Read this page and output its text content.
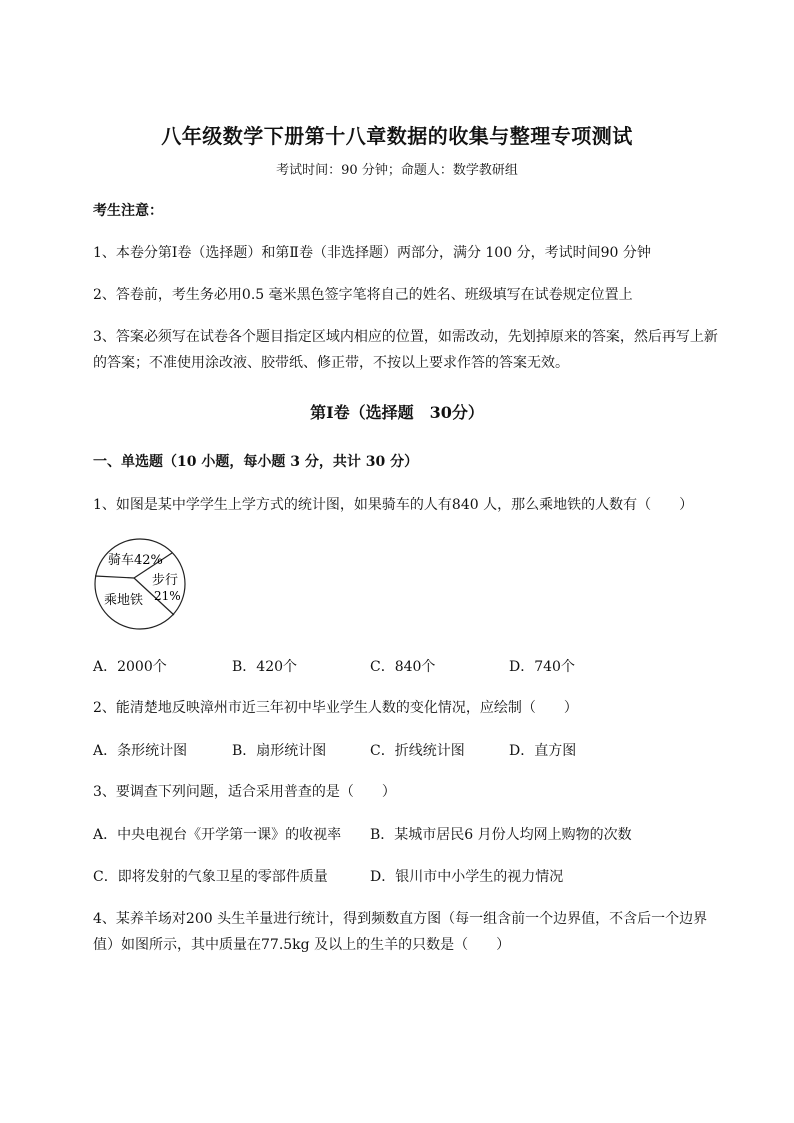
八年级数学下册第十八章数据的收集与整理专项测试
考试时间：90 分钟；命题人：数学教研组
考生注意：
1、本卷分第Ⅰ卷（选择题）和第Ⅱ卷（非选择题）两部分，满分 100 分，考试时间90 分钟
2、答卷前，考生务必用0.5 毫米黑色签字笔将自己的姓名、班级填写在试卷规定位置上
3、答案必须写在试卷各个题目指定区域内相应的位置，如需改动，先划掉原来的答案，然后再写上新
的答案；不准使用涂改液、胶带纸、修正带，不按以上要求作答的答案无效。
第Ⅰ卷（选择题　30分）
一、单选题（10 小题，每小题 3 分，共计 30 分）
1、如图是某中学学生上学方式的统计图，如果骑车的人有840 人，那么乘地铁的人数有（　　）
骑车42%
步行
21%
乘地铁
A．2000个	B．420个	C．840个	D．740个
2、能清楚地反映漳州市近三年初中毕业学生人数的变化情况，应绘制（　　）
A．条形统计图	B．扇形统计图	C．折线统计图	D．直方图
3、要调查下列问题，适合采用普查的是（　　）
A．中央电视台《开学第一课》的收视率 B．某城市居民6 月份人均网上购物的次数
C．即将发射的气象卫星的零部件质量	D．银川市中小学生的视力情况
4、某养羊场对200 头生羊量进行统计，得到频数直方图（每一组含前一个边界值，不含后一个边界
值）如图所示，其中质量在77.5kg 及以上的生羊的只数是（　　）
